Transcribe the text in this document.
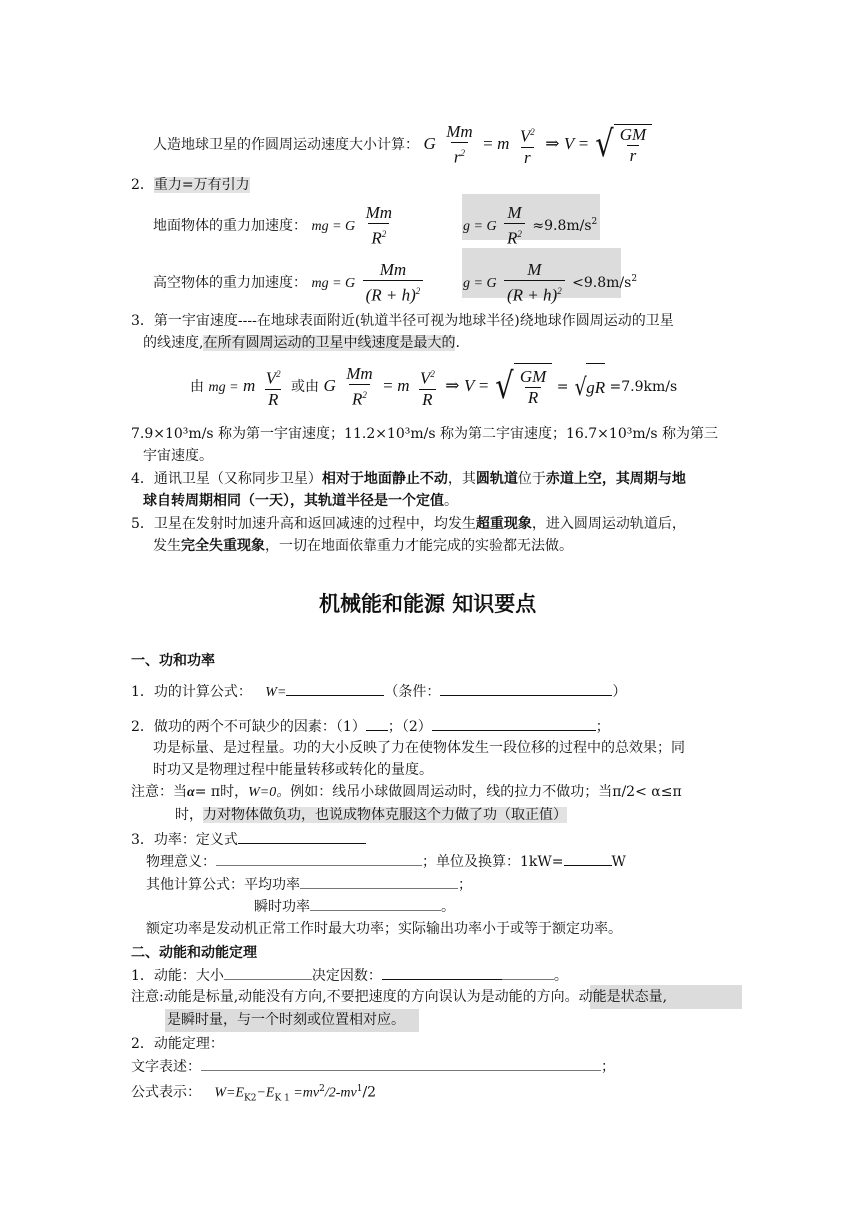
人造地球卫星的作圆周运动速度大小计算： G $\frac{Mm}{r^2} = m \frac{V^2}{r}$ ⇒ V = √ $\frac{GM}{r}$
2．重力=万有引力
地面物体的重力加速度： mg = G $\frac{Mm}{R^2}$	g = G $\frac{M}{R^2} \approx 9.8m/s^2$
高空物体的重力加速度： mg = G $\frac{Mm}{(R + h)^2}$	g = G $\frac{M}{(R + h)^2} <9.8m/s^2$
3．第一宇宙速度----在地球表面附近(轨道半径可视为地球半径)绕地球作圆周运动的卫星
的线速度,在所有圆周运动的卫星中线速度是最大的.
由 mg = m $\frac{V^2}{R}$ 或由 G $\frac{Mm}{R^2} = m \frac{V^2}{R}$ ⇒ V = √ $\frac{GM}{R}$ = √ gR =7.9km/s
7.9×10³m/s 称为第一宇宙速度；11.2×10³m/s 称为第二宇宙速度；16.7×10³m/s 称为第三
宇宙速度。
4．通讯卫星（又称同步卫星）相对于地面静止不动，其圆轨道位于赤道上空，其周期与地
球自转周期相同（一天），其轨道半径是一个定值。
5．卫星在发射时加速升高和返回减速的过程中，均发生超重现象，进入圆周运动轨道后，
发生完全失重现象，一切在地面依靠重力才能完成的实验都无法做。
机械能和能源 知识要点
一、功和功率
1．功的计算公式： W=	（条件：	）
2．做功的两个不可缺少的因素：（1） ；（2）	；
功是标量、是过程量。功的大小反映了力在使物体发生一段位移的过程中的总效果；同
时功又是物理过程中能量转移或转化的量度。
注意：当α= π时，W=0。例如：线吊小球做圆周运动时，线的拉力不做功；当π/2< α≤π
时，力对物体做负功，也说成物体克服这个力做了功（取正值）
3．功率：定义式
物理意义：	；单位及换算：1kW=	W
其他计算公式：平均功率	；
瞬时功率	。
额定功率是发动机正常工作时最大功率；实际输出功率小于或等于额定功率。
二、动能和动能定理
1．动能：大小	决定因数：	。
注意:动能是标量,动能没有方向,不要把速度的方向误认为是动能的方向。动能是状态量,
是瞬时量，与一个时刻或位置相对应。
2．动能定理：
文字表述：	；
公式表示： $W=E_{K2}-E_{K 1} =mv^2/2-mv^1/2$
